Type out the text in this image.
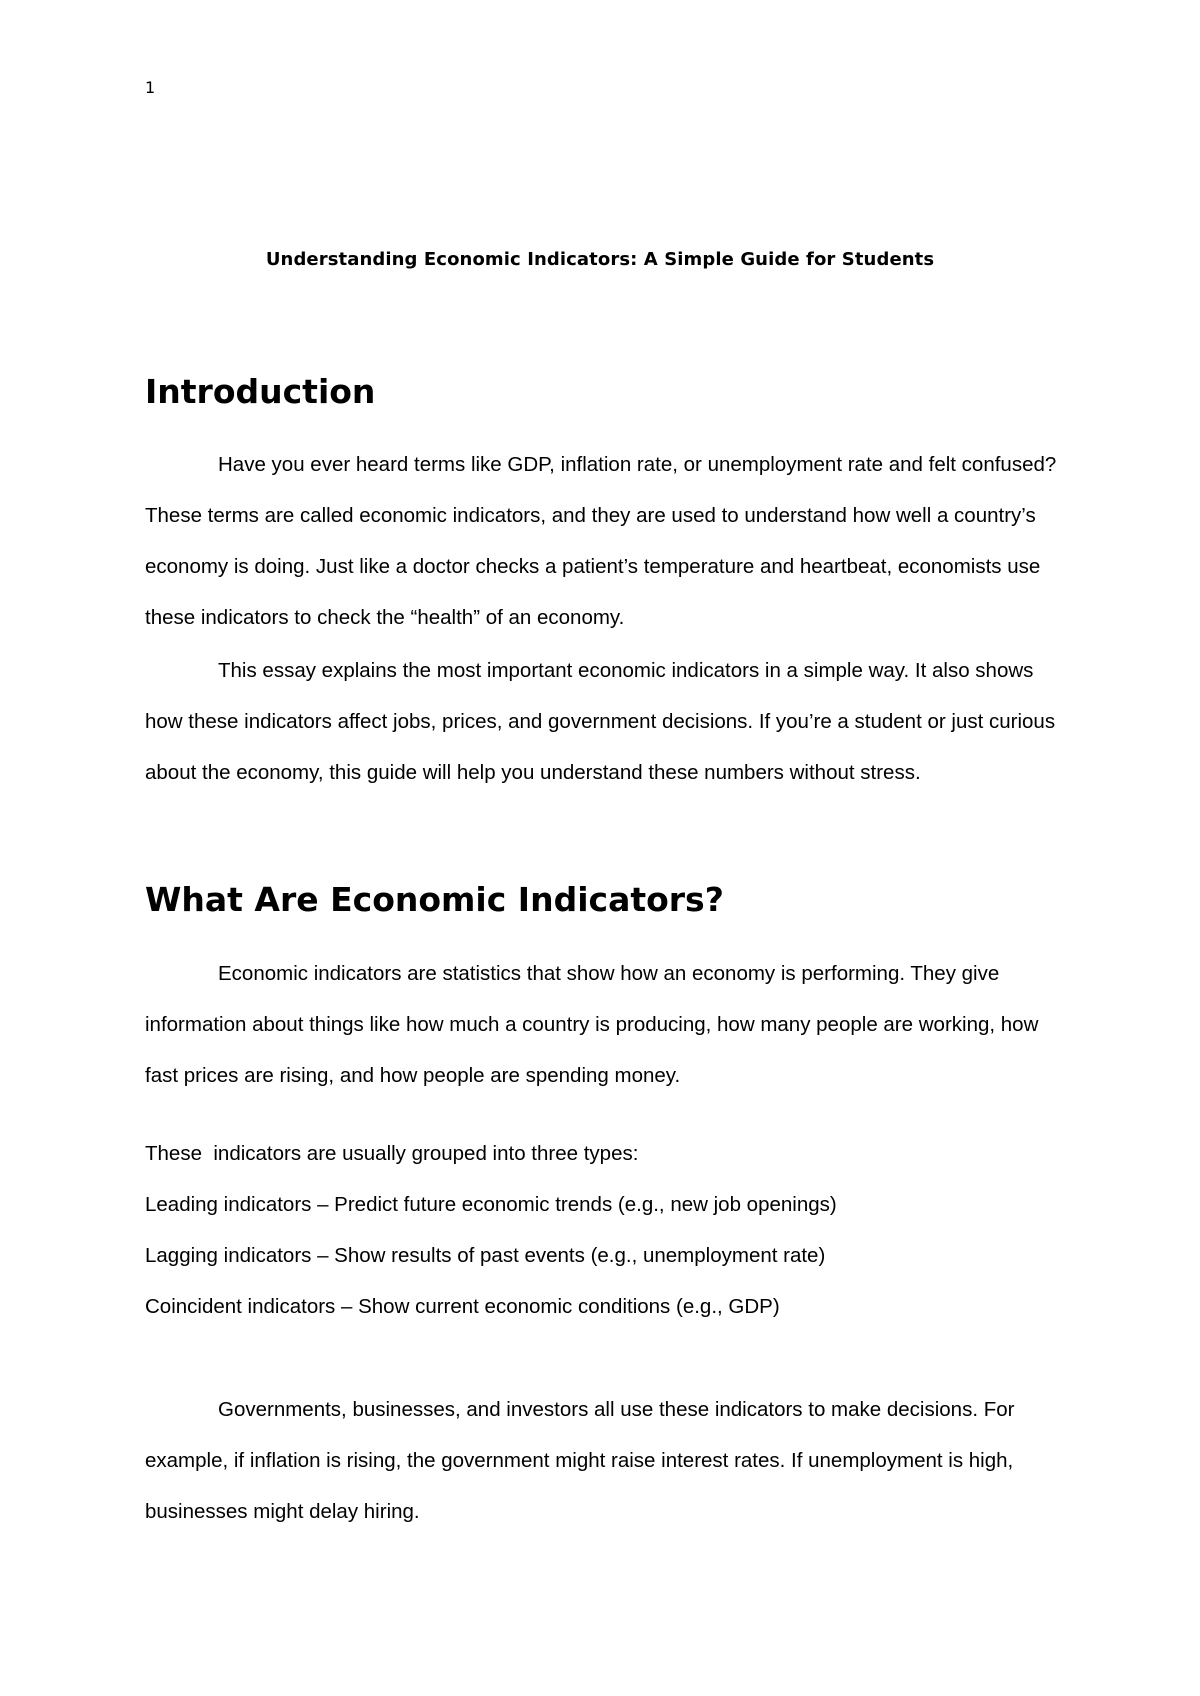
1
Understanding Economic Indicators: A Simple Guide for Students
Introduction

Have you ever heard terms like GDP, inflation rate, or unemployment rate and felt confused? These terms are called economic indicators, and they are used to understand how well a country’s economy is doing. Just like a doctor checks a patient’s temperature and heartbeat, economists use these indicators to check the “health” of an economy.

This essay explains the most important economic indicators in a simple way. It also shows how these indicators affect jobs, prices, and government decisions. If you’re a student or just curious about the economy, this guide will help you understand these numbers without stress.

What Are Economic Indicators?

Economic indicators are statistics that show how an economy is performing. They give information about things like how much a country is producing, how many people are working, how fast prices are rising, and how people are spending money.

These  indicators are usually grouped into three types:
Leading indicators – Predict future economic trends (e.g., new job openings)
Lagging indicators – Show results of past events (e.g., unemployment rate)
Coincident indicators – Show current economic conditions (e.g., GDP)

Governments, businesses, and investors all use these indicators to make decisions. For example, if inflation is rising, the government might raise interest rates. If unemployment is high, businesses might delay hiring.
